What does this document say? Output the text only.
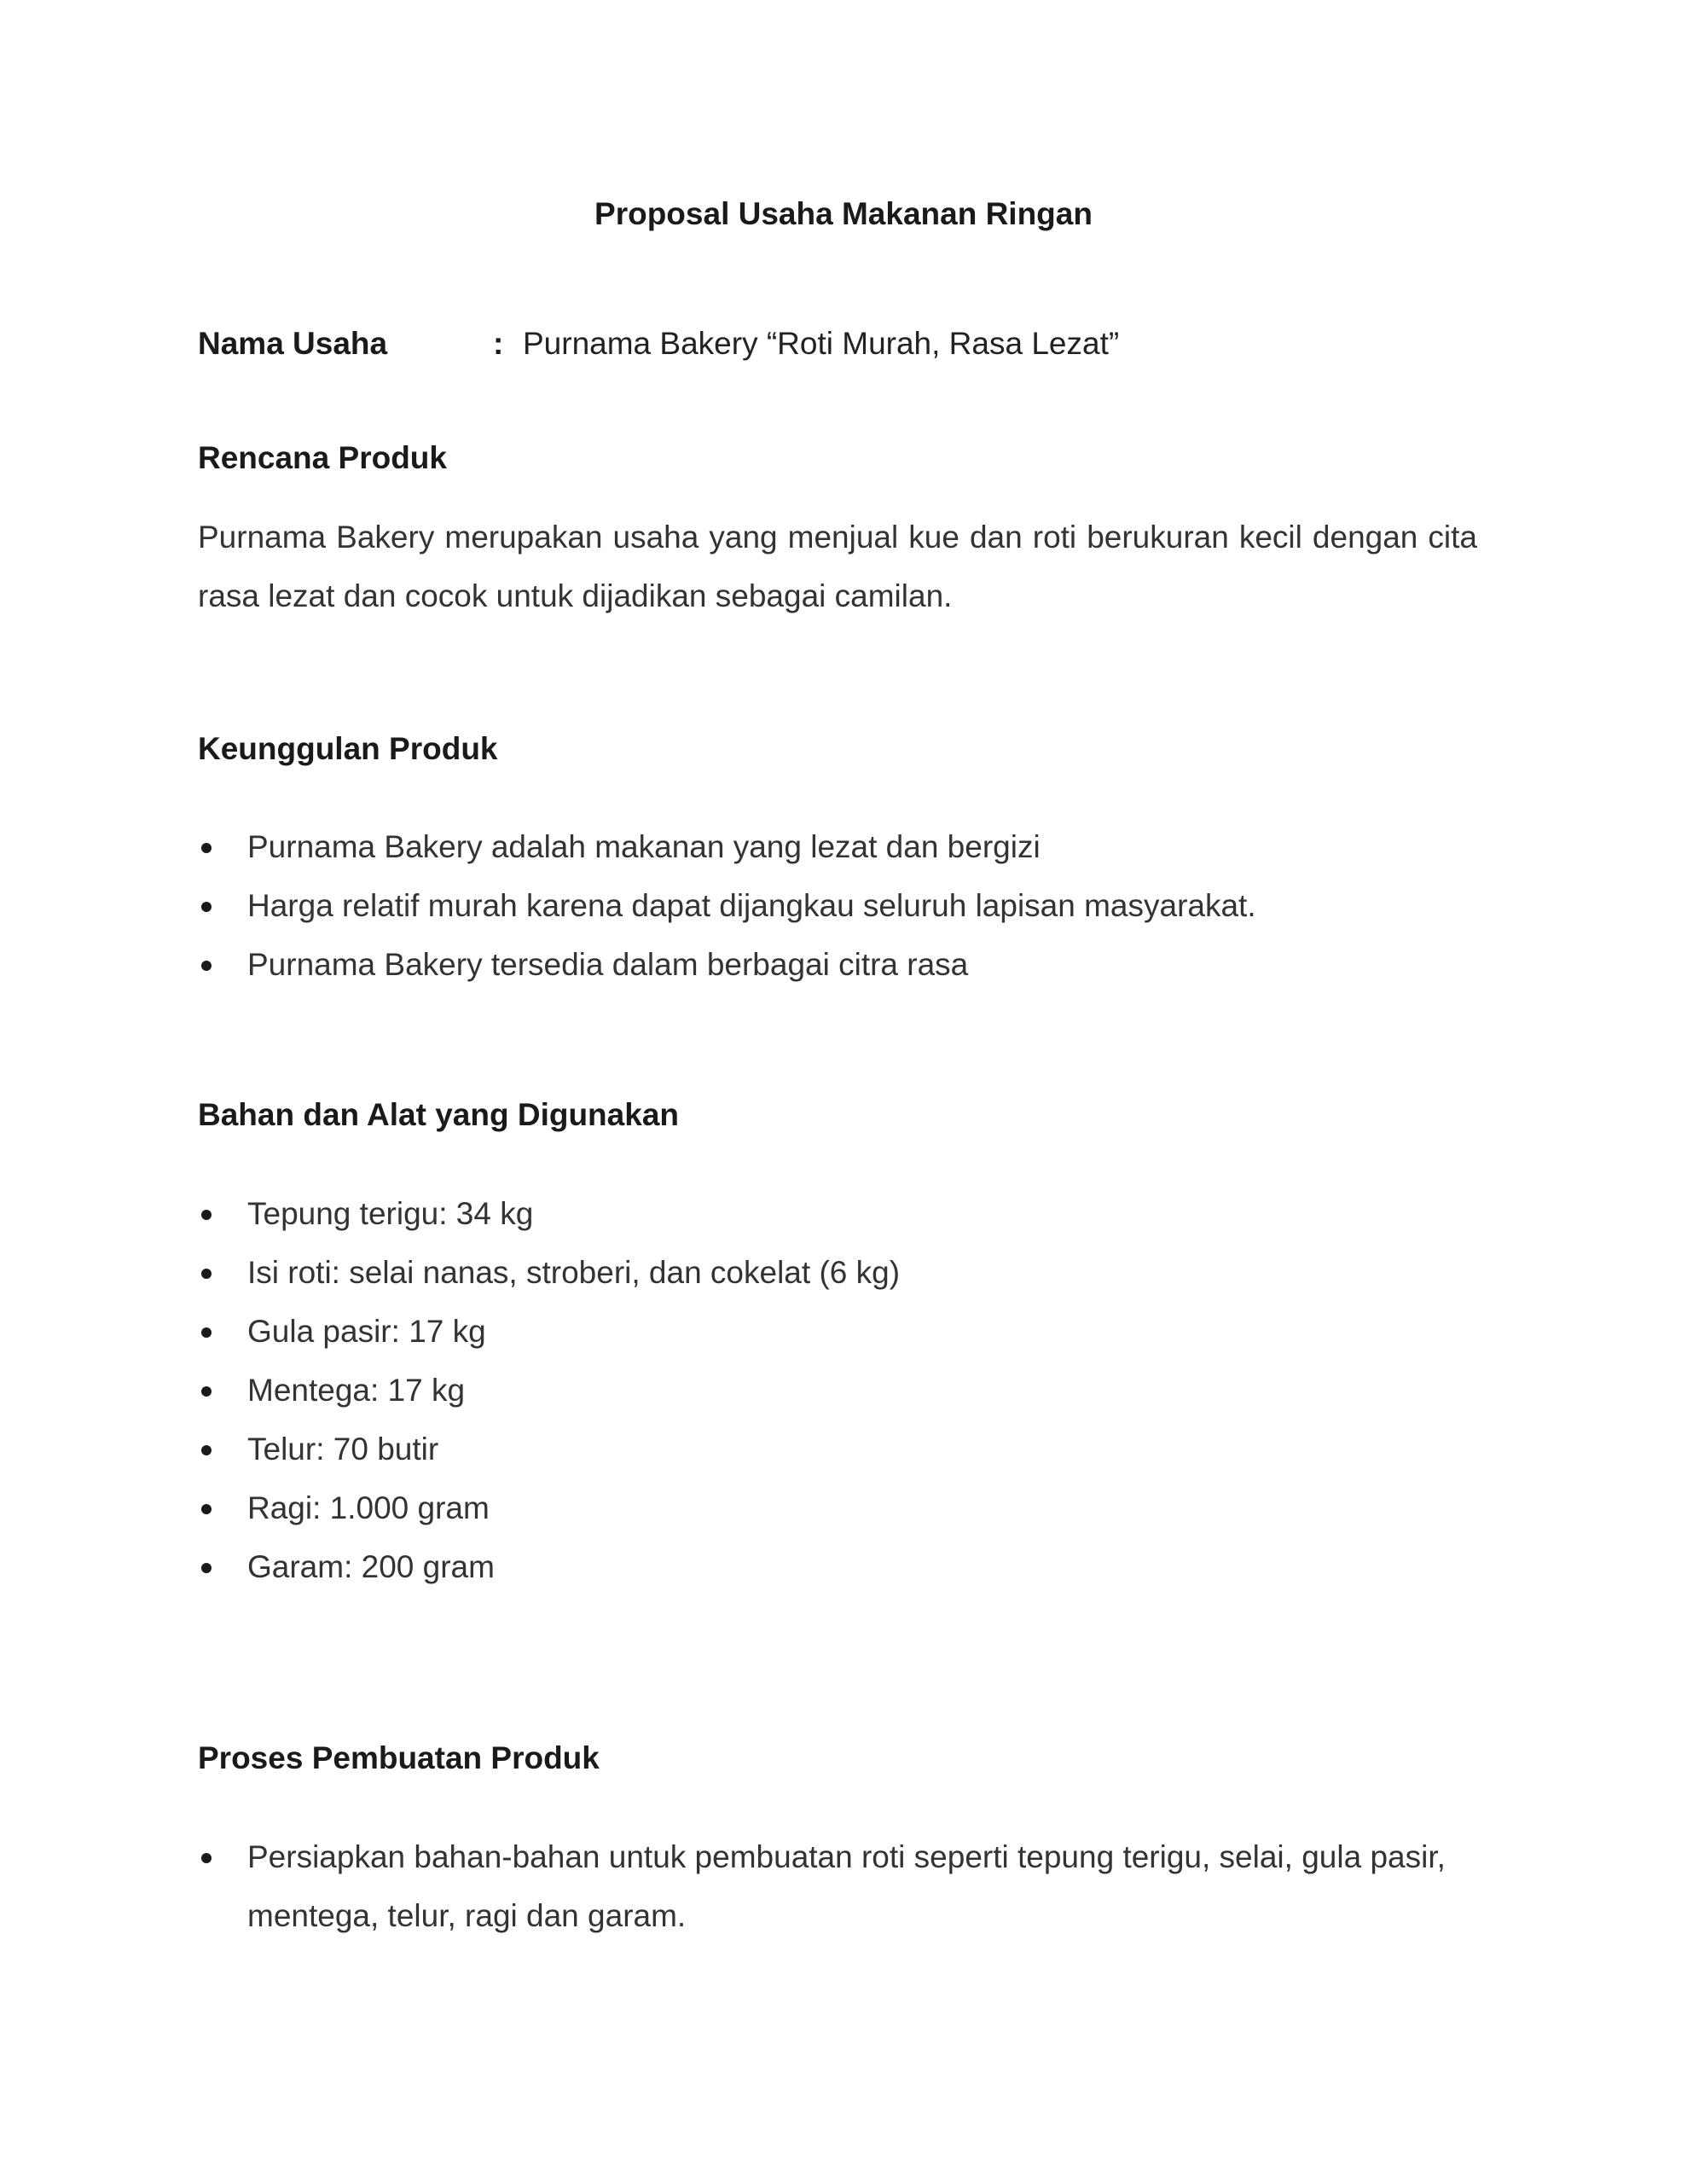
Proposal Usaha Makanan Ringan
Nama Usaha	: Purnama Bakery “Roti Murah, Rasa Lezat”
Rencana Produk
Purnama Bakery merupakan usaha yang menjual kue dan roti berukuran kecil dengan cita rasa lezat dan cocok untuk dijadikan sebagai camilan.
Keunggulan Produk
Purnama Bakery adalah makanan yang lezat dan bergizi
Harga relatif murah karena dapat dijangkau seluruh lapisan masyarakat.
Purnama Bakery tersedia dalam berbagai citra rasa
Bahan dan Alat yang Digunakan
Tepung terigu: 34 kg
Isi roti: selai nanas, stroberi, dan cokelat (6 kg)
Gula pasir: 17 kg
Mentega: 17 kg
Telur: 70 butir
Ragi: 1.000 gram
Garam: 200 gram
Proses Pembuatan Produk
Persiapkan bahan-bahan untuk pembuatan roti seperti tepung terigu, selai, gula pasir, mentega, telur, ragi dan garam.
